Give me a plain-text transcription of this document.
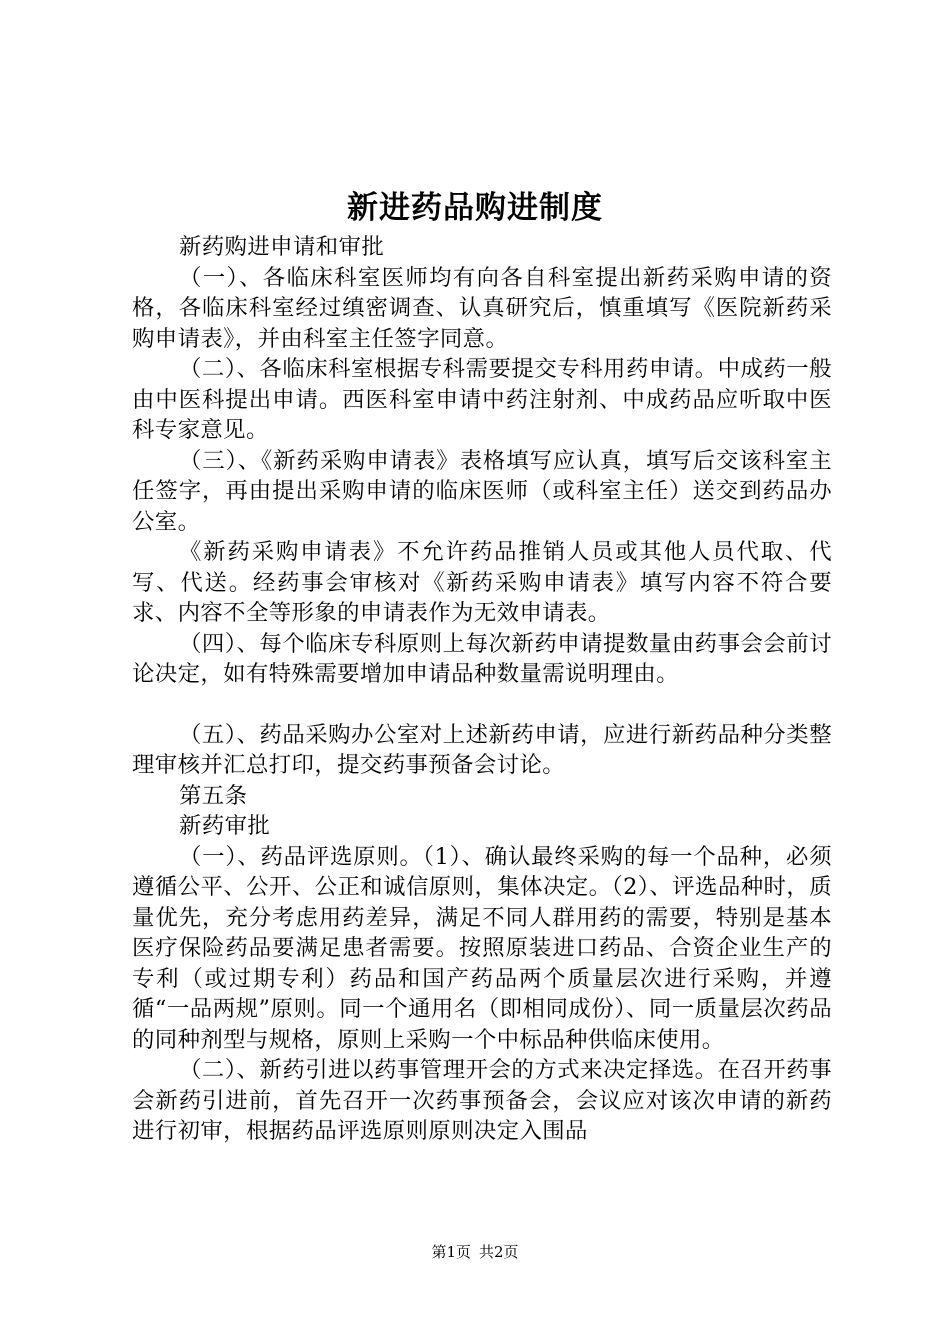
新进药品购进制度

新药购进申请和审批

（一）、各临床科室医师均有向各自科室提出新药采购申请的资格，各临床科室经过缜密调查、认真研究后，慎重填写《医院新药采购申请表》，并由科室主任签字同意。

（二）、各临床科室根据专科需要提交专科用药申请。中成药一般由中医科提出申请。西医科室申请中药注射剂、中成药品应听取中医科专家意见。

（三）、《新药采购申请表》表格填写应认真，填写后交该科室主任签字，再由提出采购申请的临床医师（或科室主任）送交到药品办公室。

《新药采购申请表》不允许药品推销人员或其他人员代取、代写、代送。经药事会审核对《新药采购申请表》填写内容不符合要求、内容不全等形象的申请表作为无效申请表。

（四）、每个临床专科原则上每次新药申请提数量由药事会会前讨论决定，如有特殊需要增加申请品种数量需说明理由。

（五）、药品采购办公室对上述新药申请，应进行新药品种分类整理审核并汇总打印，提交药事预备会讨论。

第五条

新药审批

（一）、药品评选原则。（1）、确认最终采购的每一个品种，必须遵循公平、公开、公正和诚信原则，集体决定。（2）、评选品种时，质量优先，充分考虑用药差异，满足不同人群用药的需要，特别是基本医疗保险药品要满足患者需要。按照原装进口药品、合资企业生产的专利（或过期专利）药品和国产药品两个质量层次进行采购，并遵循“一品两规”原则。同一个通用名（即相同成份）、同一质量层次药品的同种剂型与规格，原则上采购一个中标品种供临床使用。

（二）、新药引进以药事管理开会的方式来决定择选。在召开药事会新药引进前，首先召开一次药事预备会，会议应对该次申请的新药进行初审，根据药品评选原则原则决定入围品

第1页 共2页
